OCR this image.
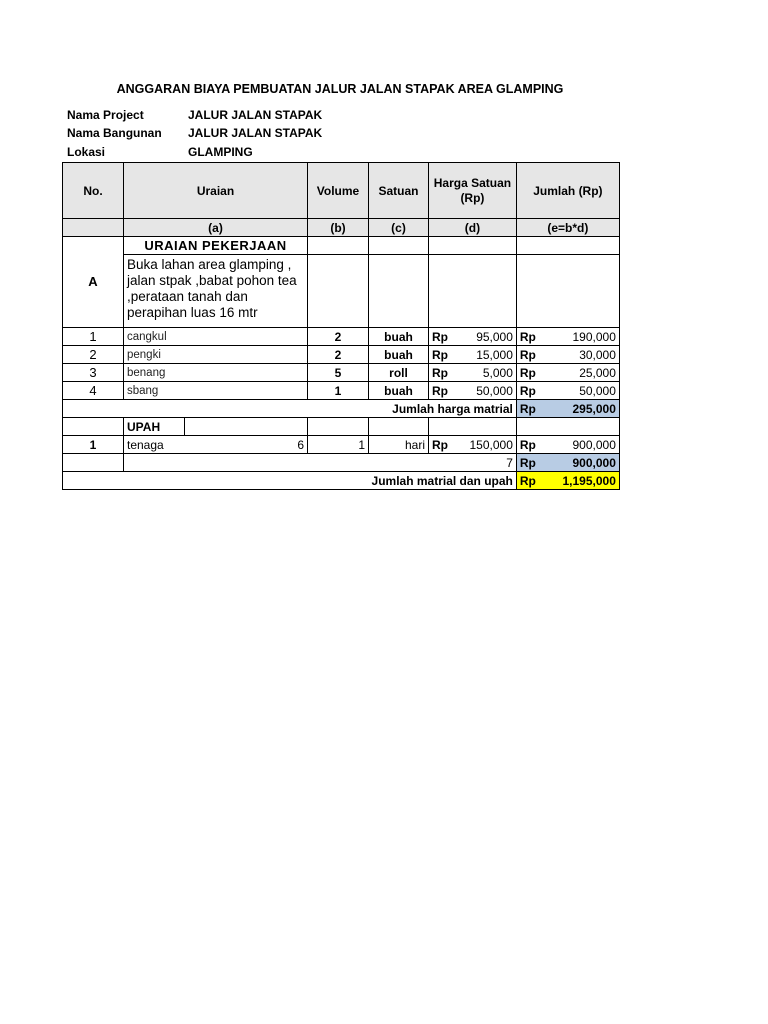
ANGGARAN BIAYA PEMBUATAN JALUR JALAN STAPAK AREA GLAMPING
Nama Project	JALUR JALAN STAPAK
Nama Bangunan	JALUR JALAN STAPAK
Lokasi	GLAMPING
No.	Uraian		Volume	Satuan	Harga Satuan (Rp)		Jumlah (Rp)	
	(a)		(b)	(c)	(d)		(e=b*d)	
A	URAIAN PEKERJAAN							
	Buka lahan area glamping , jalan stpak ,babat pohon tea ,perataan tanah dan perapihan luas 16 mtr							
1	cangkul		2	buah	Rp	95,000	Rp	190,000
2	pengki		2	buah	Rp	15,000	Rp	30,000
3	benang		5	roll	Rp	5,000	Rp	25,000
4	sbang		1	buah	Rp	50,000	Rp	50,000
Jumlah harga matrial							Rp	295,000
	UPAH							
1	tenaga 6		1	hari	Rp	150,000	Rp	900,000
	7						Rp	900,000
Jumlah matrial dan upah							Rp	1,195,000
